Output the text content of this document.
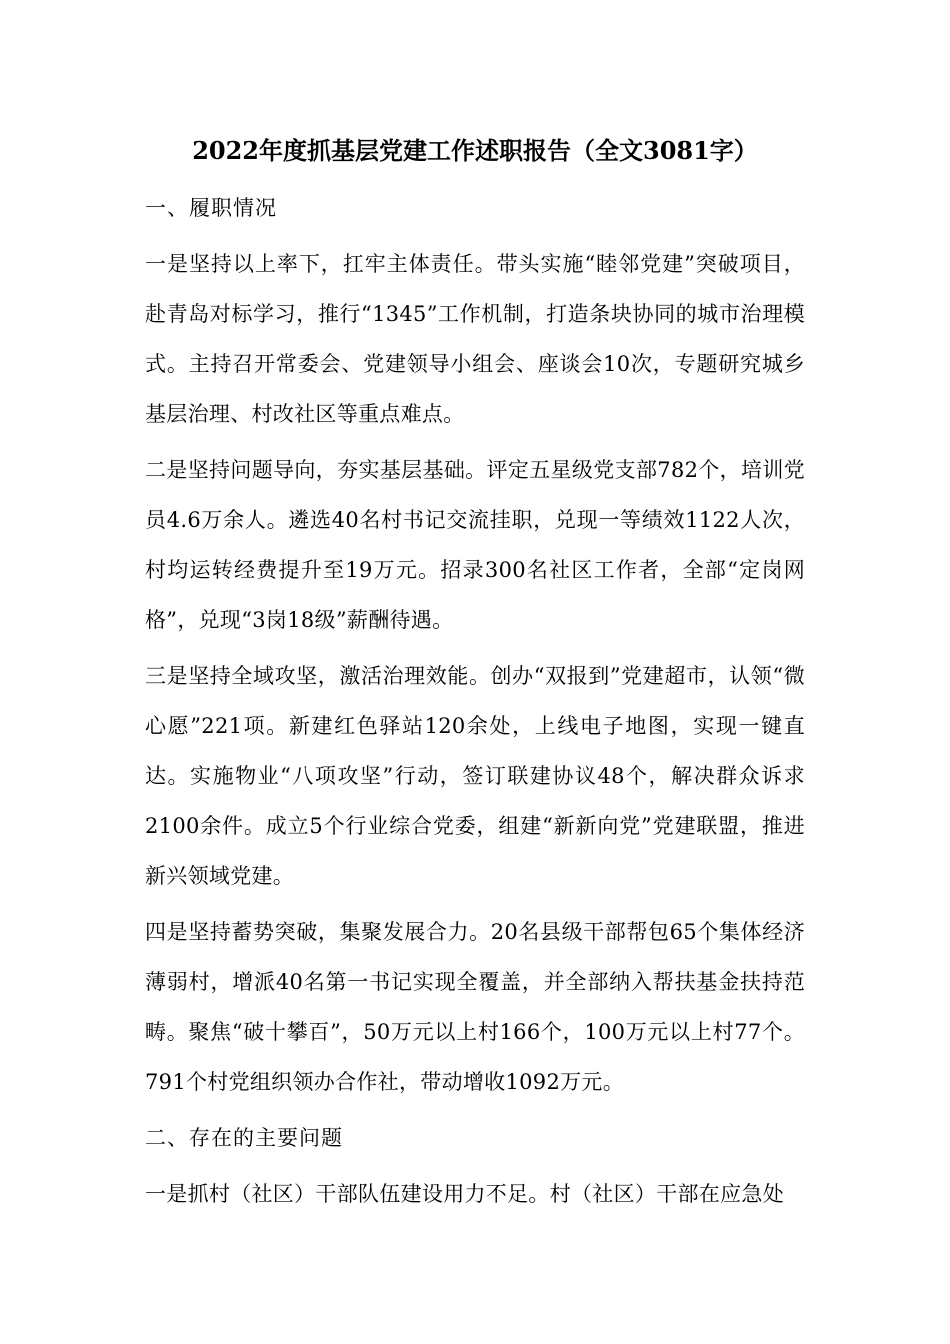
2022年度抓基层党建工作述职报告（全文3081字）

一、履职情况

一是坚持以上率下，扛牢主体责任。带头实施“睦邻党建”突破项目，赴青岛对标学习，推行“1345”工作机制，打造条块协同的城市治理模式。主持召开常委会、党建领导小组会、座谈会10次，专题研究城乡基层治理、村改社区等重点难点。

二是坚持问题导向，夯实基层基础。评定五星级党支部782个，培训党员4.6万余人。遴选40名村书记交流挂职，兑现一等绩效1122人次，村均运转经费提升至19万元。招录300名社区工作者，全部“定岗网格”，兑现“3岗18级”薪酬待遇。

三是坚持全域攻坚，激活治理效能。创办“双报到”党建超市，认领“微心愿”221项。新建红色驿站120余处，上线电子地图，实现一键直达。实施物业“八项攻坚”行动，签订联建协议48个，解决群众诉求2100余件。成立5个行业综合党委，组建“新新向党”党建联盟，推进新兴领域党建。

四是坚持蓄势突破，集聚发展合力。20名县级干部帮包65个集体经济薄弱村，增派40名第一书记实现全覆盖，并全部纳入帮扶基金扶持范畴。聚焦“破十攀百”，50万元以上村166个，100万元以上村77个。791个村党组织领办合作社，带动增收1092万元。

二、存在的主要问题

一是抓村（社区）干部队伍建设用力不足。村（社区）干部在应急处
